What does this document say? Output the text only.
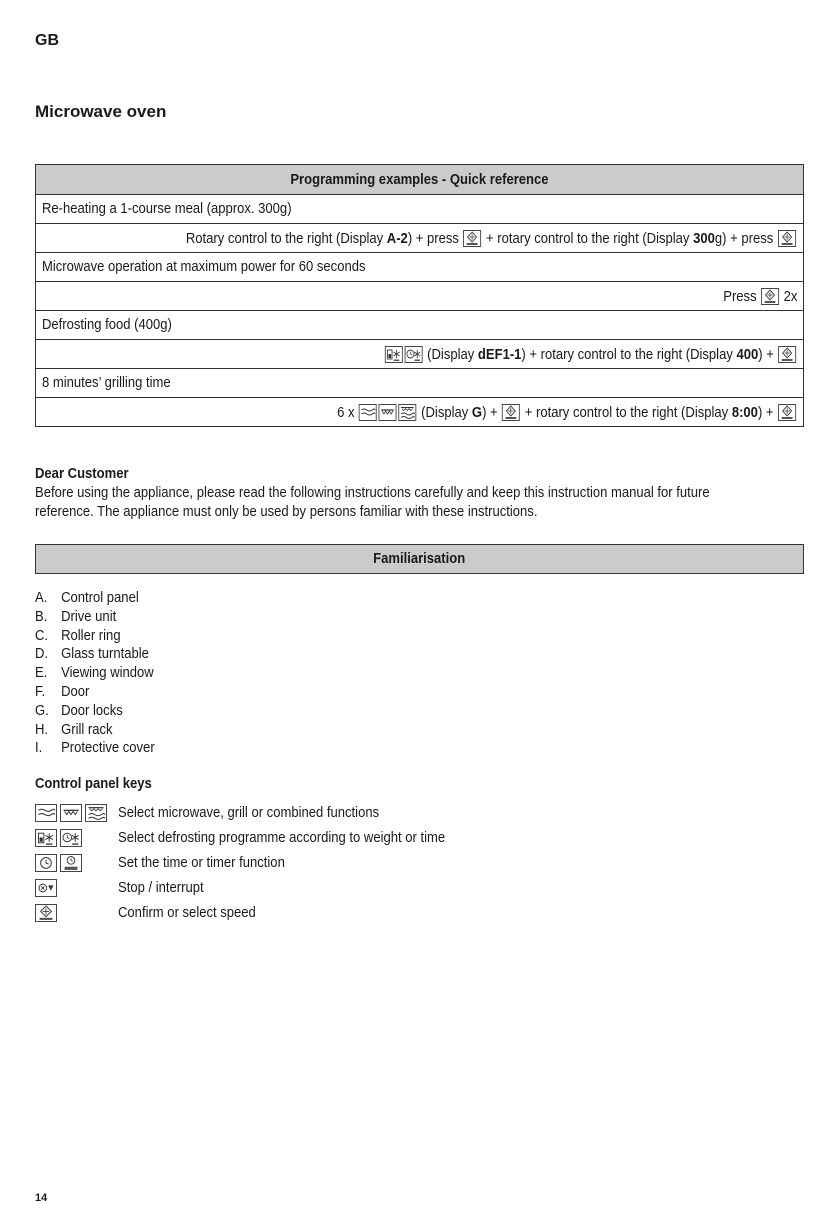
GB
Microwave oven
Programming examples - Quick reference
Re-heating a 1-course meal (approx. 300g)
Rotary control to the right (Display A-2) + press
+ rotary control to the right (Display 300g) + press

Microwave operation at maximum power for 60 seconds
Press
2x
Defrosting food (400g)

(Display dEF1-1) + rotary control to the right (Display 400) +

8 minutes’ grilling time
6 x	(Display G) +
+ rotary control to the right (Display 8:00) +

Dear Customer

Before using the appliance, please read the following instructions carefully and keep this instruction manual for future

reference. The appliance must only be used by persons familiar with these instructions.

Familiarisation
A. Control panel
B. Drive unit
C. Roller ring
D. Glass turntable
E. Viewing window
F. Door
G. Door locks
H. Grill rack
I. Protective cover
Control panel keys
Select microwave, grill or combined functions
Select defrosting programme according to weight or time
Set the time or timer function
Stop / interrupt
Confirm or select speed
14
